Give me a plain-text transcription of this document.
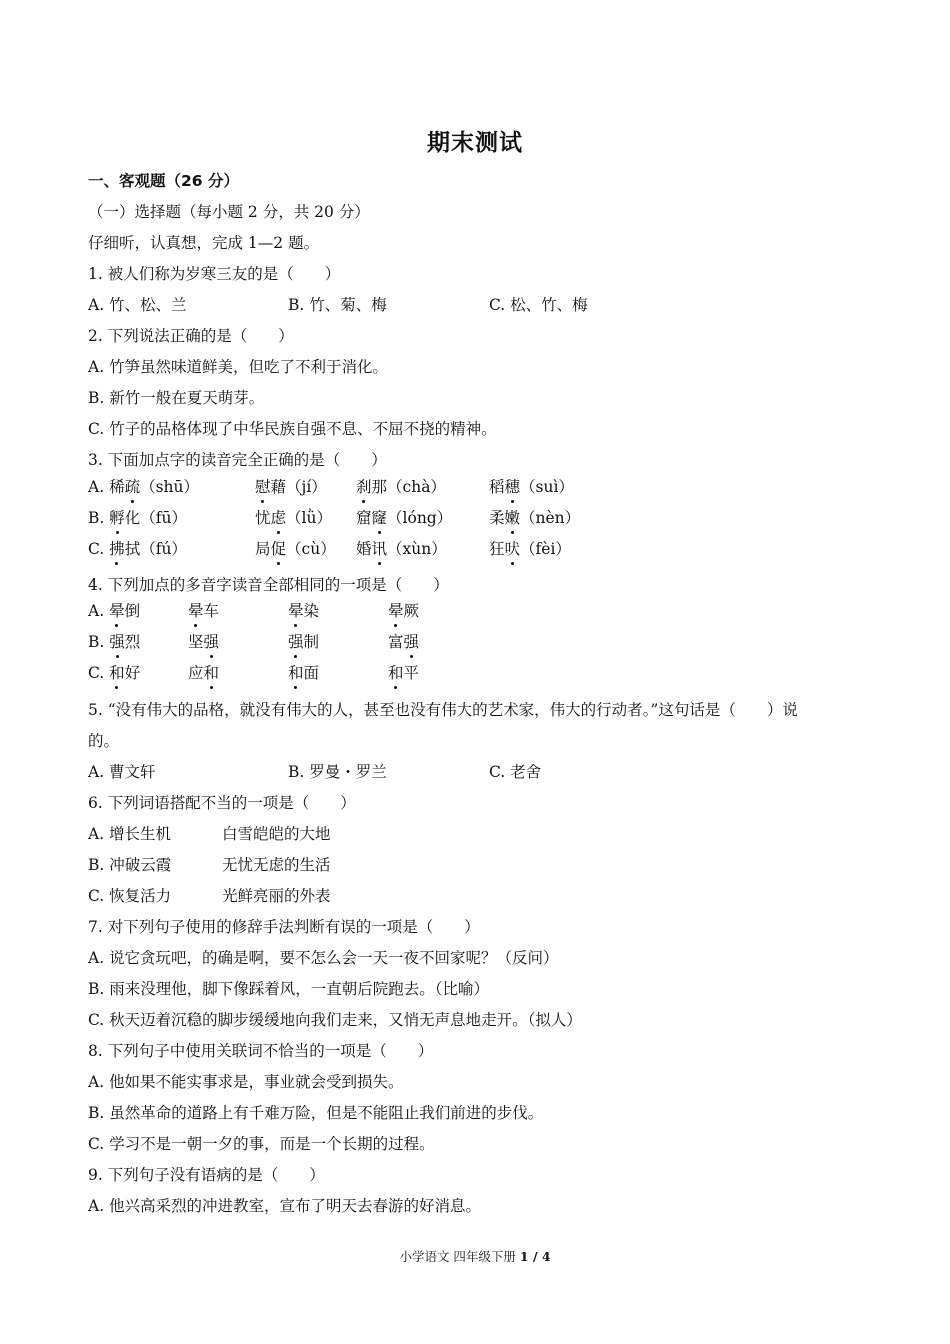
期末测试
一、客观题（26 分）
（一）选择题（每小题 2 分，共 20 分）
仔细听，认真想，完成 1—2 题。
1. 被人们称为岁寒三友的是（　　）
A. 竹、松、兰	B. 竹、菊、梅	C. 松、竹、梅
2. 下列说法正确的是（　　）
A. 竹笋虽然味道鲜美，但吃了不利于消化。
B. 新竹一般在夏天萌芽。
C. 竹子的品格体现了中华民族自强不息、不屈不挠的精神。
3. 下面加点字的读音完全正确的是（　　）
A. 稀疏（shū）	慰藉（jí） 刹那（chà）	稻穗（suì）
B. 孵化（fū）	忧虑（lǜ） 窟窿（lóng） 柔嫩（nèn）
C. 拂拭（fú）	局促（cù） 婚讯（xùn）	狂吠（fèi）
4. 下列加点的多音字读音全部相同的一项是（　　）
A. 晕倒	晕车	晕染	晕厥
B. 强烈	坚强	强制	富强
C. 和好	应和	和面	和平
5. “没有伟大的品格，就没有伟大的人，甚至也没有伟大的艺术家，伟大的行动者。”这句话是（　　）说
的。
A. 曹文轩	B. 罗曼・罗兰	C. 老舍
6. 下列词语搭配不当的一项是（　　）
A. 增长生机	白雪皑皑的大地
B. 冲破云霞	无忧无虑的生活
C. 恢复活力	光鲜亮丽的外表
7. 对下列句子使用的修辞手法判断有误的一项是（　　）
A. 说它贪玩吧，的确是啊，要不怎么会一天一夜不回家呢？（反问）
B. 雨来没理他，脚下像踩着风，一直朝后院跑去。（比喻）
C. 秋天迈着沉稳的脚步缓缓地向我们走来，又悄无声息地走开。（拟人）
8. 下列句子中使用关联词不恰当的一项是（　　）
A. 他如果不能实事求是，事业就会受到损失。
B. 虽然革命的道路上有千难万险，但是不能阻止我们前进的步伐。
C. 学习不是一朝一夕的事，而是一个长期的过程。
9. 下列句子没有语病的是（　　）
A. 他兴高采烈的冲进教室，宣布了明天去春游的好消息。
小学语文 四年级下册 1 / 4
